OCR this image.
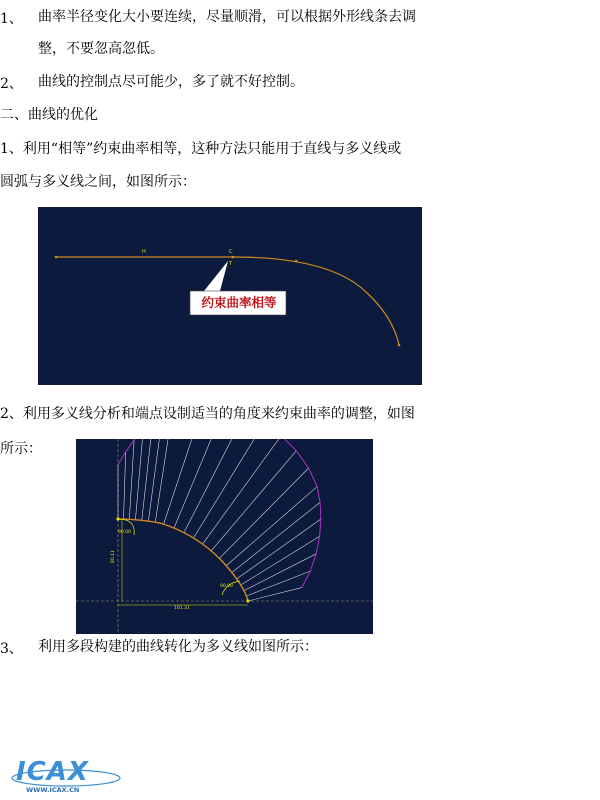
1、 曲率半径变化大小要连续，尽量顺滑，可以根据外形线条去调
整，不要忽高忽低。
2、 曲线的控制点尽可能少，多了就不好控制。
二、曲线的优化
1、利用“相等”约束曲率相等，这种方法只能用于直线与多义线或
圆弧与多义线之间，如图所示：
H	C
T
约束曲率相等
2、利用多义线分析和端点设制适当的角度来约束曲率的调整，如图
所示：
90.00
90.00
80.11
101.31
3、 利用多段构建的曲线转化为多义线如图所示：
ICAX
WWW.ICAX.CN
